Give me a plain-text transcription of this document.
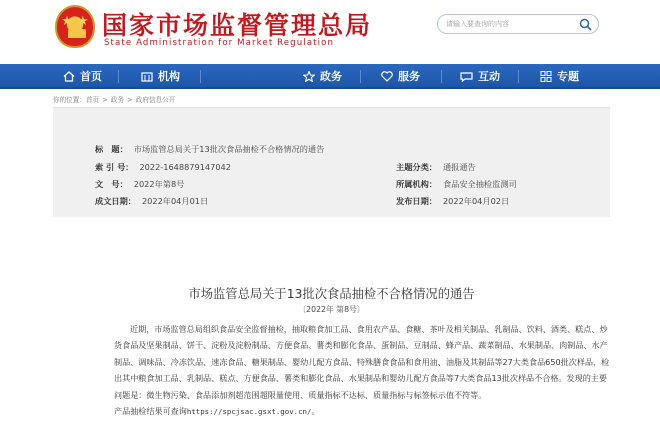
★ ★ 国家市场监督管理总局
State Administration for Market Regulation
请输入要查询的内容
首页	机构	政务	服务	互动	专题
你的位置：首页 > 政务 > 政府信息公开
标　题： 市场监管总局关于13批次食品抽检不合格情况的通告
索 引 号： 2022-1648879147042	主题分类： 通报通告
文　号： 2022年第8号	所属机构： 食品安全抽检监测司
成文日期： 2022年04月01日	发布日期： 2022年04月02日
市场监管总局关于13批次食品抽检不合格情况的通告
〔2022年 第8号〕

近期，市场监管总局组织食品安全监督抽检，抽取粮食加工品、食用农产品、食糖、茶叶及相关制品、乳制品、饮料、酒类、糕点、炒货食品及坚果制品、饼干、淀粉及淀粉制品、方便食品、薯类和膨化食品、蛋制品、豆制品、蜂产品、蔬菜制品、水果制品、肉制品、水产制品、调味品、冷冻饮品、速冻食品、糖果制品、婴幼儿配方食品、特殊膳食食品和食用油、油脂及其制品等27大类食品650批次样品，检出其中粮食加工品、乳制品、糕点、方便食品、薯类和膨化食品、水果制品和婴幼儿配方食品等7大类食品13批次样品不合格。发现的主要问题是：微生物污染、食品添加剂超范围超限量使用、质量指标不达标、质量指标与标签标示值不符等。

产品抽检结果可查询https://spcjsac.gsxt.gov.cn/。
